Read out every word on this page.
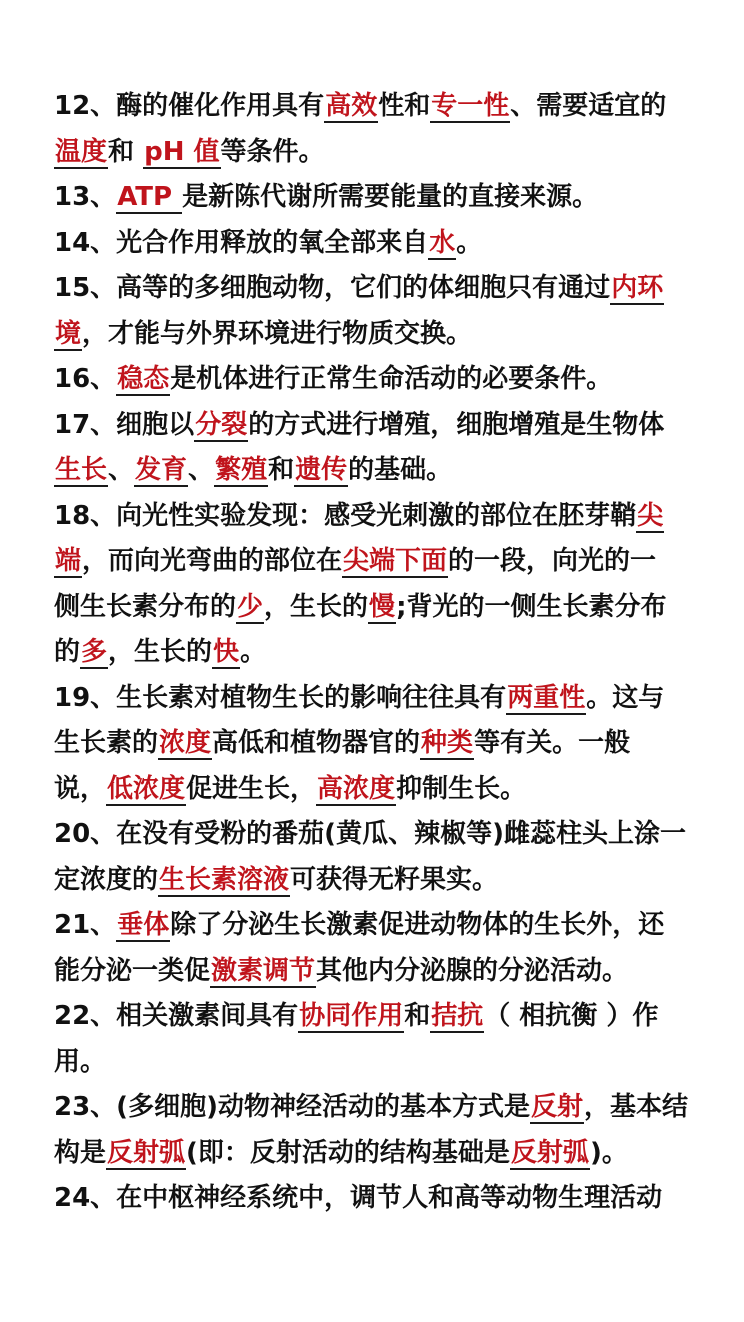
12、酶的催化作用具有高效性和专一性、需要适宜的
温度和 pH 值等条件。
13、ATP 是新陈代谢所需要能量的直接来源。
14、光合作用释放的氧全部来自水。
15、高等的多细胞动物，它们的体细胞只有通过内环
境，才能与外界环境进行物质交换。
16、稳态是机体进行正常生命活动的必要条件。
17、细胞以分裂的方式进行增殖，细胞增殖是生物体
生长、发育、繁殖和遗传的基础。
18、向光性实验发现：感受光刺激的部位在胚芽鞘尖
端，而向光弯曲的部位在尖端下面的一段，向光的一
侧生长素分布的少，生长的慢;背光的一侧生长素分布
的多，生长的快。
19、生长素对植物生长的影响往往具有两重性。这与
生长素的浓度高低和植物器官的种类等有关。一般
说，低浓度促进生长，高浓度抑制生长。
20、在没有受粉的番茄(黄瓜、辣椒等)雌蕊柱头上涂一
定浓度的生长素溶液可获得无籽果实。
21、垂体除了分泌生长激素促进动物体的生长外，还
能分泌一类促激素调节其他内分泌腺的分泌活动。
22、相关激素间具有协同作用和拮抗（ 相抗衡 ）作
用。
23、(多细胞)动物神经活动的基本方式是反射，基本结
构是反射弧(即：反射活动的结构基础是反射弧)。
24、在中枢神经系统中，调节人和高等动物生理活动
